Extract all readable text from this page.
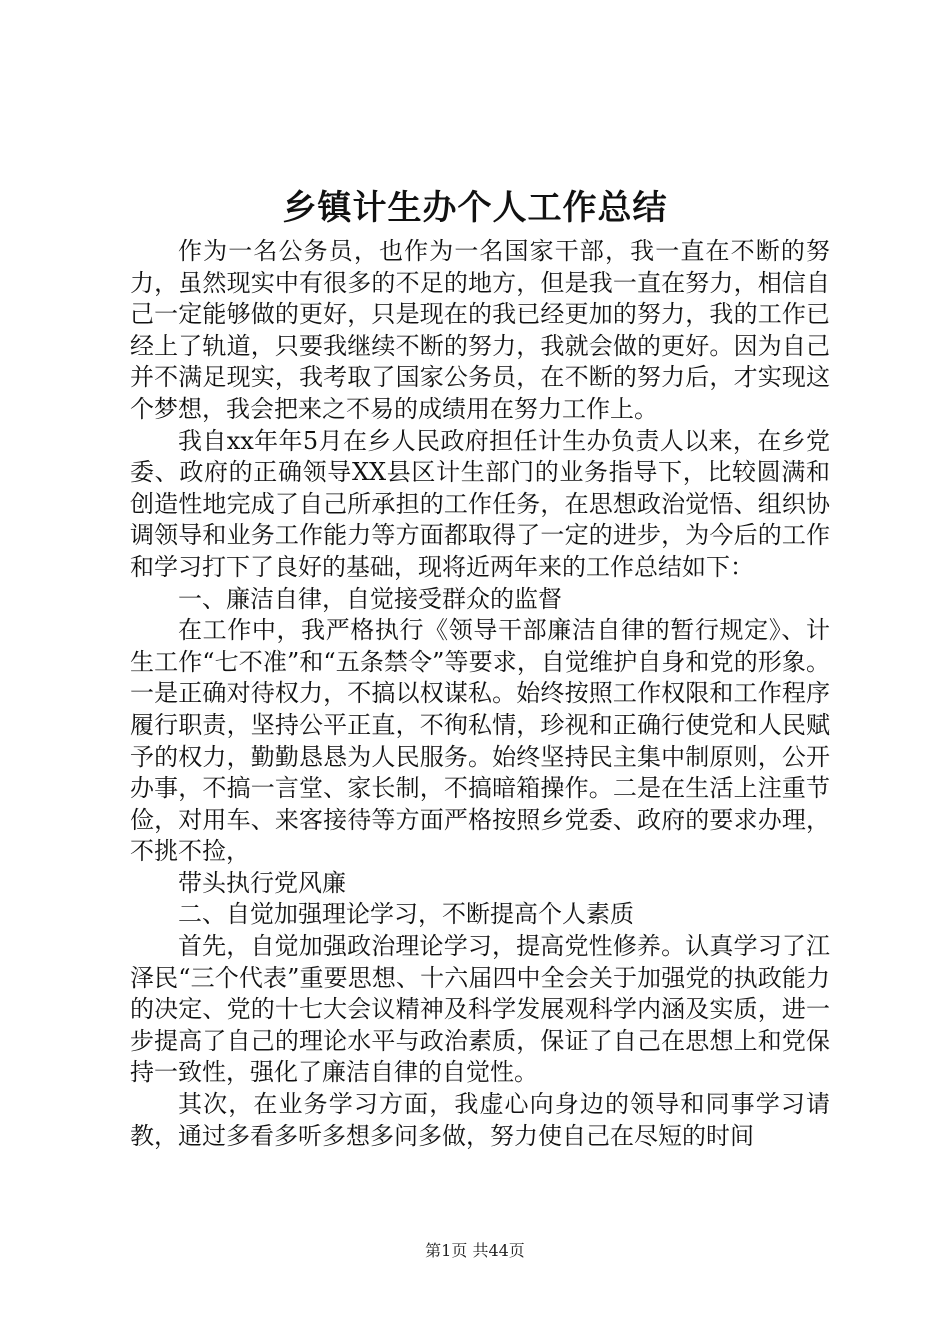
乡镇计生办个人工作总结

作为一名公务员，也作为一名国家干部，我一直在不断的努力，虽然现实中有很多的不足的地方，但是我一直在努力，相信自己一定能够做的更好，只是现在的我已经更加的努力，我的工作已经上了轨道，只要我继续不断的努力，我就会做的更好。因为自己并不满足现实，我考取了国家公务员，在不断的努力后，才实现这个梦想，我会把来之不易的成绩用在努力工作上。

我自xx年年5月在乡人民政府担任计生办负责人以来，在乡党委、政府的正确领导XX县区计生部门的业务指导下，比较圆满和创造性地完成了自己所承担的工作任务，在思想政治觉悟、组织协调领导和业务工作能力等方面都取得了一定的进步，为今后的工作和学习打下了良好的基础，现将近两年来的工作总结如下：

一、廉洁自律，自觉接受群众的监督

在工作中，我严格执行《领导干部廉洁自律的暂行规定》、计生工作“七不准”和“五条禁令”等要求，自觉维护自身和党的形象。一是正确对待权力，不搞以权谋私。始终按照工作权限和工作程序履行职责，坚持公平正直，不徇私情，珍视和正确行使党和人民赋予的权力，勤勤恳恳为人民服务。始终坚持民主集中制原则，公开办事，不搞一言堂、家长制，不搞暗箱操作。二是在生活上注重节俭，对用车、来客接待等方面严格按照乡党委、政府的要求办理，不挑不捡，

带头执行党风廉

二、自觉加强理论学习，不断提高个人素质

首先，自觉加强政治理论学习，提高党性修养。认真学习了江泽民“三个代表”重要思想、十六届四中全会关于加强党的执政能力的决定、党的十七大会议精神及科学发展观科学内涵及实质，进一步提高了自己的理论水平与政治素质，保证了自己在思想上和党保持一致性，强化了廉洁自律的自觉性。

其次，在业务学习方面，我虚心向身边的领导和同事学习请教，通过多看多听多想多问多做，努力使自己在尽短的时间

第1页 共44页
